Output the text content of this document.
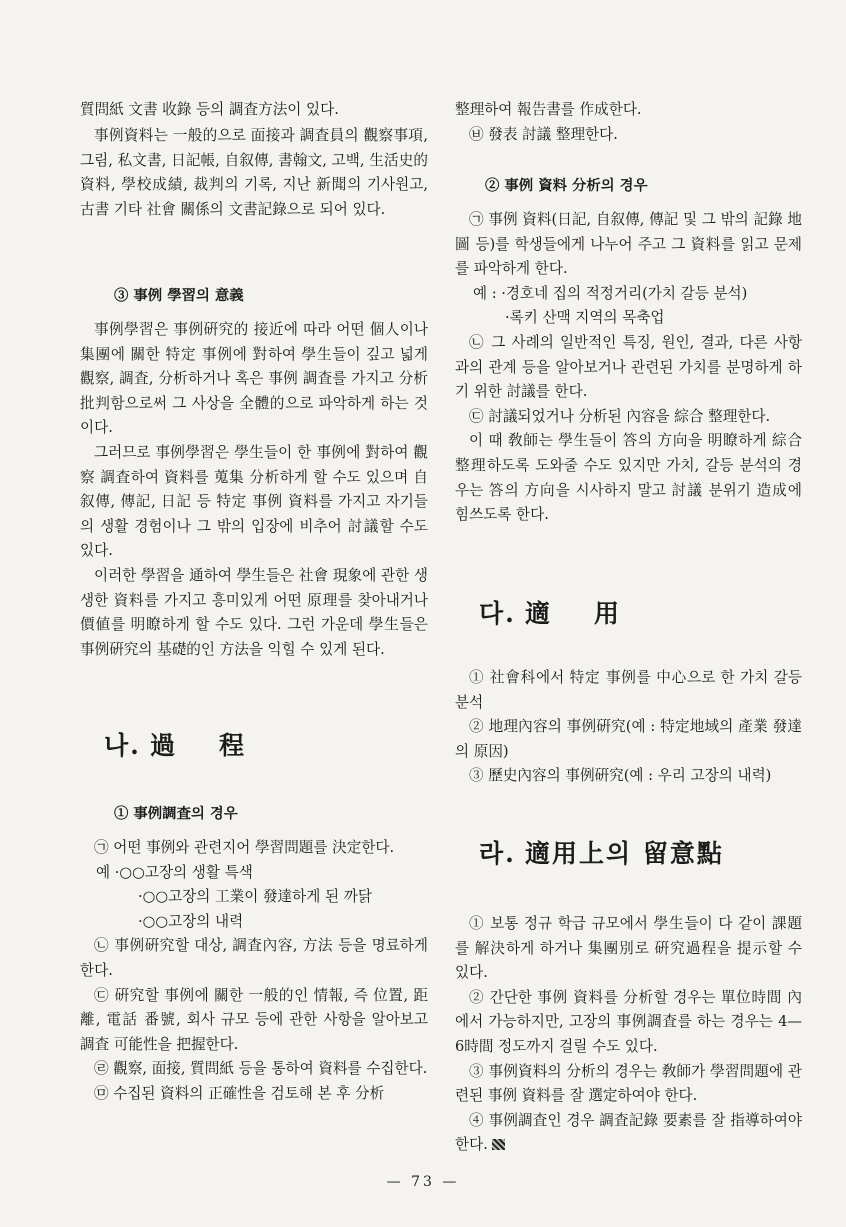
質問紙 文書 收錄 등의 調査方法이 있다.

事例資料는 一般的으로 面接과 調査員의 觀察事項, 그림, 私文書, 日記帳, 自叙傳, 書翰文, 고백, 生活史的 資料, 學校成績, 裁判의 기록, 지난 新聞의 기사원고, 古書 기타 社會 關係의 文書記錄으로 되어 있다.

③ 事例 學習의 意義

事例學習은 事例硏究的 接近에 따라 어떤 個人이나 集團에 關한 特定 事例에 對하여 學生들이 깊고 넓게 觀察, 調査, 分析하거나 혹은 事例 調査를 가지고 分析 批判함으로써 그 사상을 全體的으로 파악하게 하는 것이다.

그러므로 事例學習은 學生들이 한 事例에 對하여 觀察 調査하여 資料를 蒐集 分析하게 할 수도 있으며 自叙傳, 傳記, 日記 등 特定 事例 資料를 가지고 자기들의 생활 경험이나 그 밖의 입장에 비추어 討議할 수도 있다.

이러한 學習을 通하여 學生들은 社會 現象에 관한 생생한 資料를 가지고 흥미있게 어떤 原理를 찾아내거나 價値를 明瞭하게 할 수도 있다. 그런 가운데 學生들은 事例硏究의 基礎的인 方法을 익힐 수 있게 된다.

나. 過 程
① 事例調査의 경우

㉠ 어떤 事例와 관련지어 學習問題를 決定한다.

예 ·○○고장의 생활 특색

·○○고장의 工業이 發達하게 된 까닭

·○○고장의 내력

㉡ 事例硏究할 대상, 調査內容, 方法 등을 명료하게 한다.

㉢ 硏究할 事例에 關한 一般的인 情報, 즉 位置, 距離, 電話 番號, 회사 규모 등에 관한 사항을 알아보고 調査 可能性을 把握한다.

㉣ 觀察, 面接, 質問紙 등을 통하여 資料를 수집한다.

㉤ 수집된 資料의 正確性을 검토해 본 후 分析

整理하여 報告書를 作成한다.

㉥ 發表 討議 整理한다.

② 事例 資料 分析의 경우

㉠ 事例 資料(日記, 自叙傳, 傳記 및 그 밖의 記錄 地圖 등)를 학생들에게 나누어 주고 그 資料를 읽고 문제를 파악하게 한다.

예 : ·경호네 집의 적정거리(가치 갈등 분석)

·록키 산맥 지역의 목축업

㉡ 그 사례의 일반적인 특징, 원인, 결과, 다른 사항과의 관계 등을 알아보거나 관련된 가치를 분명하게 하기 위한 討議를 한다.

㉢ 討議되었거나 分析된 內容을 綜合 整理한다.

이 때 敎師는 學生들이 答의 方向을 明瞭하게 綜合 整理하도록 도와줄 수도 있지만 가치, 갈등 분석의 경우는 答의 方向을 시사하지 말고 討議 분위기 造成에 힘쓰도록 한다.

다. 適 用

① 社會科에서 特定 事例를 中心으로 한 가치 갈등 분석

② 地理內容의 事例硏究(예 : 特定地域의 產業 發達의 原因)

③ 歷史內容의 事例硏究(예 : 우리 고장의 내력)

라. 適用上의 留意點

① 보통 정규 학급 규모에서 學生들이 다 같이 課題를 解決하게 하거나 集團別로 硏究過程을 提示할 수 있다.

② 간단한 事例 資料를 分析할 경우는 單位時間 內에서 가능하지만, 고장의 事例調査를 하는 경우는 4—6時間 정도까지 걸릴 수도 있다.

③ 事例資料의 分析의 경우는 敎師가 學習問題에 관련된 事例 資料를 잘 選定하여야 한다.

④ 事例調査인 경우 調査記錄 要素를 잘 指導하여야 한다.

— 73 —
